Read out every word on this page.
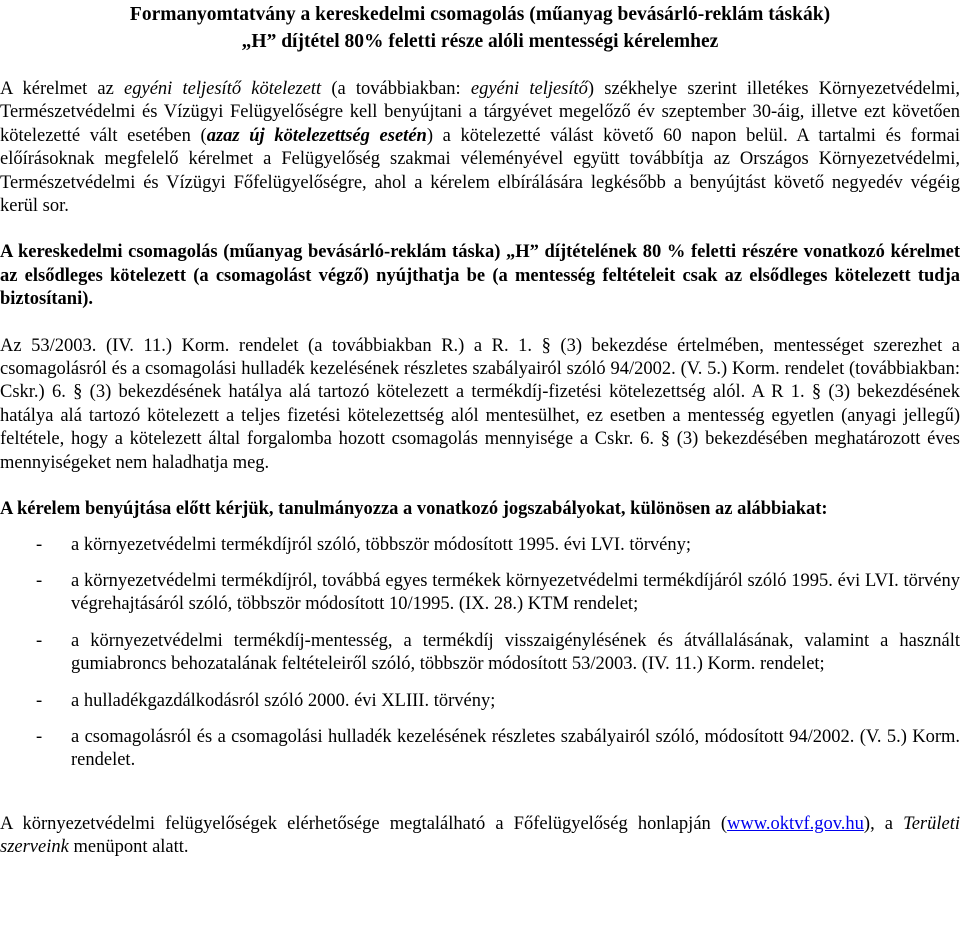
Formanyomtatvány a kereskedelmi csomagolás (műanyag bevásárló-reklám táskák)
„H” díjtétel 80% feletti része alóli mentességi kérelemhez

A kérelmet az egyéni teljesítő kötelezett (a továbbiakban: egyéni teljesítő) székhelye szerint illetékes Környezetvédelmi, Természetvédelmi és Vízügyi Felügyelőségre kell benyújtani a tárgyévet megelőző év szeptember 30-áig, illetve ezt követően kötelezetté vált esetében (azaz új kötelezettség esetén) a kötelezetté válást követő 60 napon belül. A tartalmi és formai előírásoknak megfelelő kérelmet a Felügyelőség szakmai véleményével együtt továbbítja az Országos Környezetvédelmi, Természetvédelmi és Vízügyi Főfelügyelőségre, ahol a kérelem elbírálására legkésőbb a benyújtást követő negyedév végéig kerül sor.

A kereskedelmi csomagolás (műanyag bevásárló-reklám táska) „H” díjtételének 80 % feletti részére vonatkozó kérelmet az elsődleges kötelezett (a csomagolást végző) nyújthatja be (a mentesség feltételeit csak az elsődleges kötelezett tudja biztosítani).

Az 53/2003. (IV. 11.) Korm. rendelet (a továbbiakban R.) a R. 1. § (3) bekezdése értelmében, mentességet szerezhet a csomagolásról és a csomagolási hulladék kezelésének részletes szabályairól szóló 94/2002. (V. 5.) Korm. rendelet (továbbiakban: Cskr.) 6. § (3) bekezdésének hatálya alá tartozó kötelezett a termékdíj-fizetési kötelezettség alól. A R 1. § (3) bekezdésének hatálya alá tartozó kötelezett a teljes fizetési kötelezettség alól mentesülhet, ez esetben a mentesség egyetlen (anyagi jellegű) feltétele, hogy a kötelezett által forgalomba hozott csomagolás mennyisége a Cskr. 6. § (3) bekezdésében meghatározott éves mennyiségeket nem haladhatja meg.

A kérelem benyújtása előtt kérjük, tanulmányozza a vonatkozó jogszabályokat, különösen az alábbiakat:

- a környezetvédelmi termékdíjról szóló, többször módosított 1995. évi LVI. törvény;
- a környezetvédelmi termékdíjról, továbbá egyes termékek környezetvédelmi termékdíjáról szóló 1995. évi LVI. törvény végrehajtásáról szóló, többször módosított 10/1995. (IX. 28.) KTM rendelet;
- a környezetvédelmi termékdíj-mentesség, a termékdíj visszaigénylésének és átvállalásának, valamint a használt gumiabroncs behozatalának feltételeiről szóló, többször módosított 53/2003. (IV. 11.) Korm. rendelet;
- a hulladékgazdálkodásról szóló 2000. évi XLIII. törvény;
- a csomagolásról és a csomagolási hulladék kezelésének részletes szabályairól szóló, módosított 94/2002. (V. 5.) Korm. rendelet.

A környezetvédelmi felügyelőségek elérhetősége megtalálható a Főfelügyelőség honlapján (www.oktvf.gov.hu), a Területi szerveink menüpont alatt.
